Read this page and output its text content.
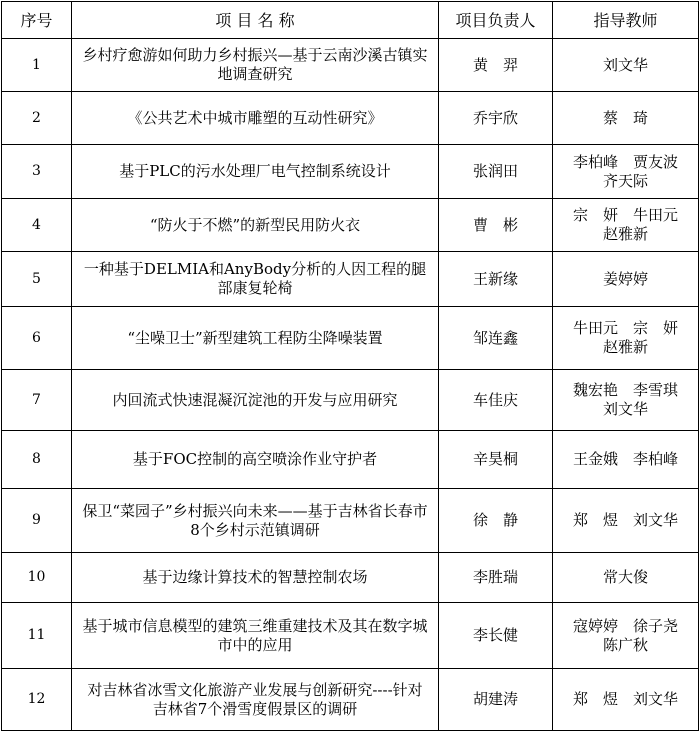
序号	项 目 名 称	项目负责人	指导教师
1	乡村疗愈游如何助力乡村振兴—基于云南沙溪古镇实地调查研究	黄　羿	刘文华

2	《公共艺术中城市雕塑的互动性研究》	乔宇欣	蔡　琦

3	基于PLC的污水处理厂电气控制系统设计	张润田	李柏峰　贾友波
齐天际

4	“防火于不燃”的新型民用防火衣	曹　彬	宗　妍　牛田元
赵雅新

5	一种基于DELMIA和AnyBody分析的人因工程的腿部康复轮椅	王新缘	姜婷婷

6	“尘噪卫士”新型建筑工程防尘降噪装置	邹连鑫	牛田元　宗　妍
赵雅新

7	内回流式快速混凝沉淀池的开发与应用研究	车佳庆	魏宏艳　李雪琪
刘文华

8	基于FOC控制的高空喷涂作业守护者	辛昊桐	王金娥　李柏峰

9	保卫“菜园子”乡村振兴向未来——基于吉林省长春市8个乡村示范镇调研	徐　静	郑　煜　刘文华

10	基于边缘计算技术的智慧控制农场	李胜瑞	常大俊

11	基于城市信息模型的建筑三维重建技术及其在数字城市中的应用	李长健	寇婷婷　徐子尧
陈广秋

12	对吉林省冰雪文化旅游产业发展与创新研究----针对吉林省7个滑雪度假景区的调研	胡建涛	郑　煜　刘文华
